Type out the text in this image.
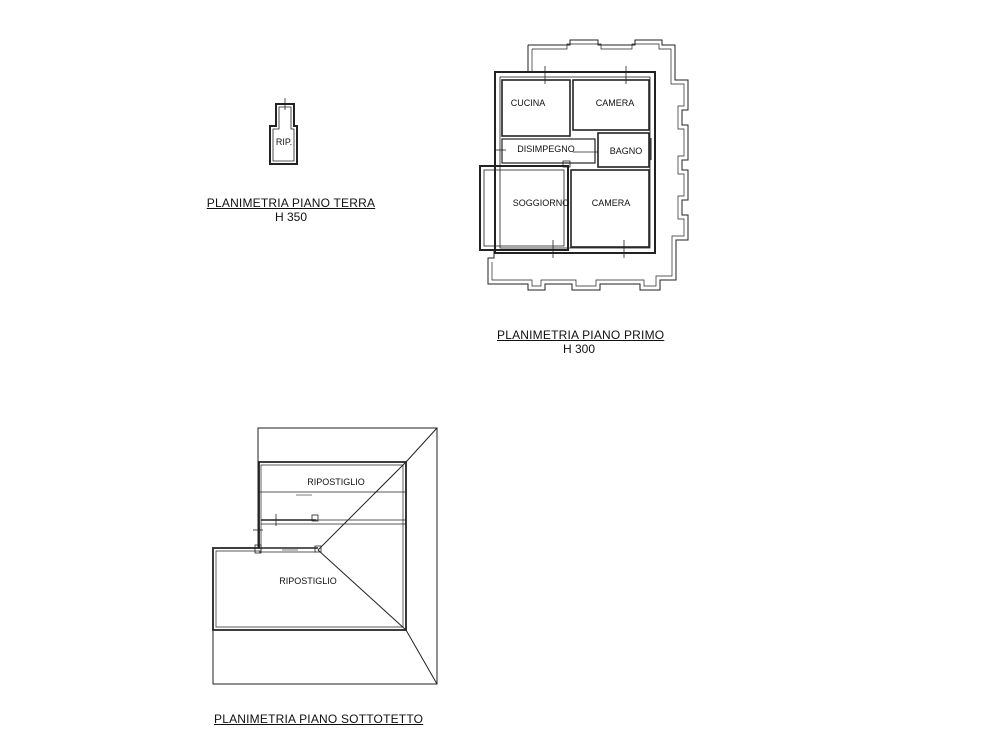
RIP.
CUCINA	CAMERA
DISIMPEGNO	BAGNO
SOGGIORNO CAMERA
RIPOSTIGLIO
RIPOSTIGLIO
PLANIMETRIA PIANO TERRA
H 350
PLANIMETRIA PIANO PRIMO
H 300
PLANIMETRIA PIANO SOTTOTETTO
